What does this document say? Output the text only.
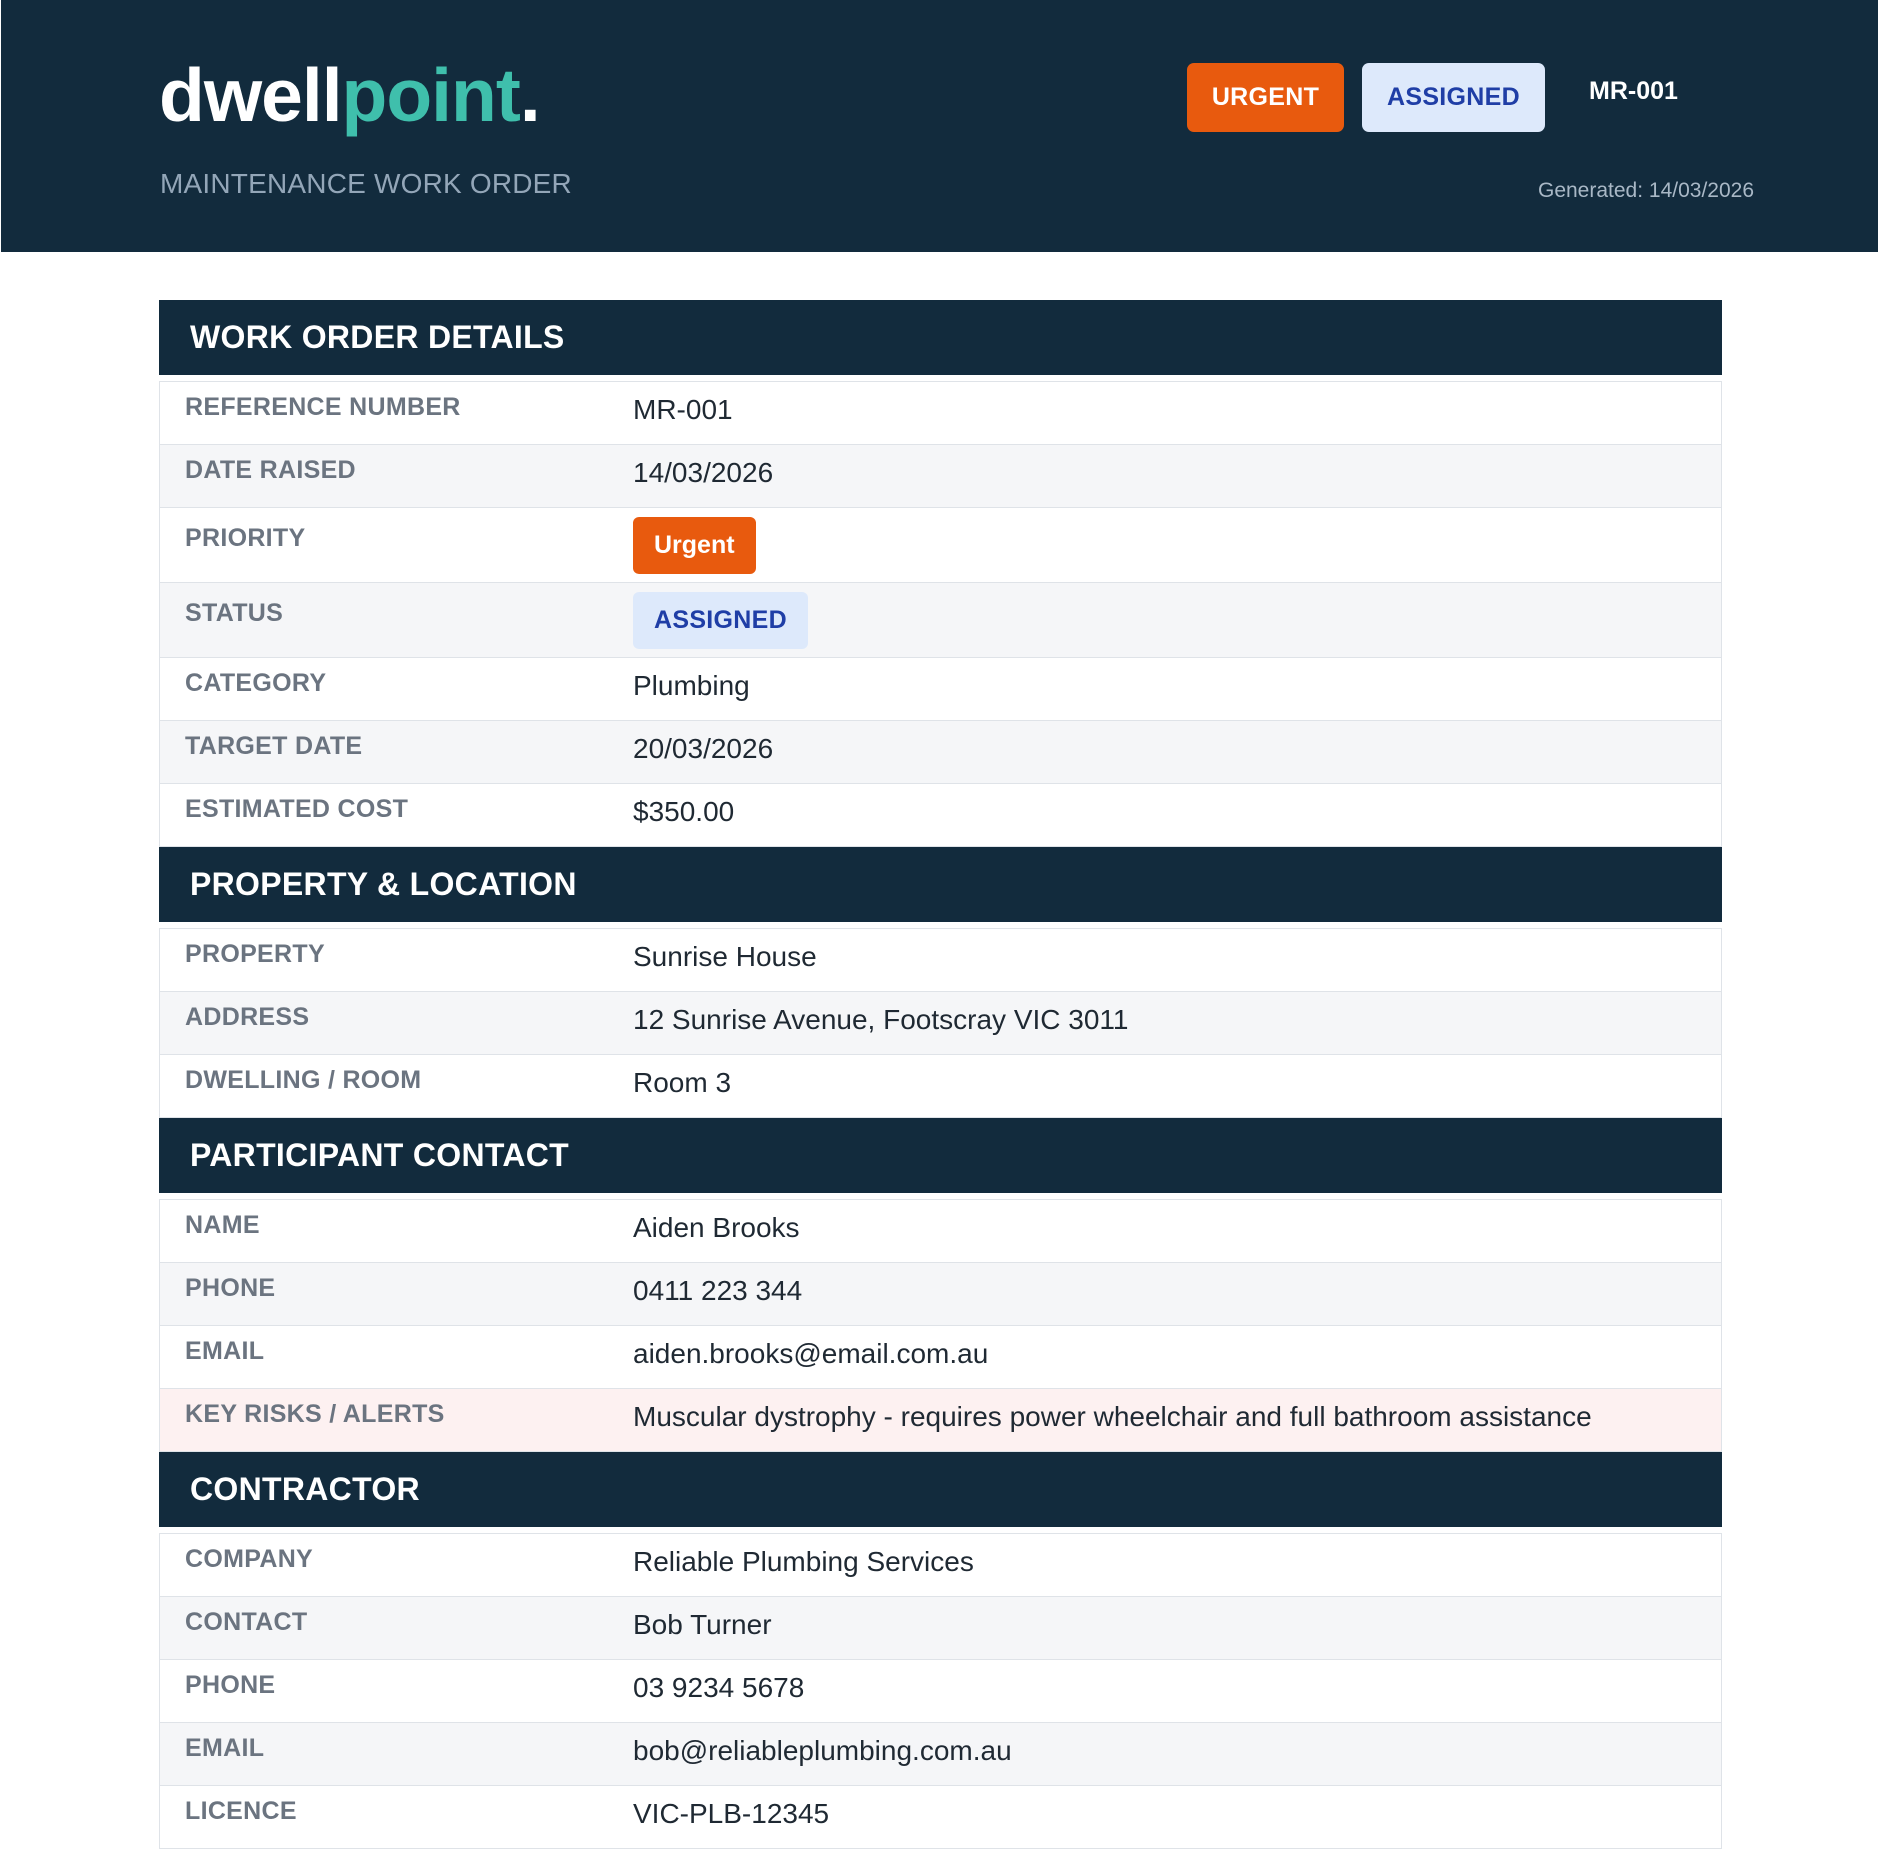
dwellpoint.
MAINTENANCE WORK ORDER
URGENT	ASSIGNED	MR-001
Generated: 14/03/2026
WORK ORDER DETAILS
REFERENCE NUMBER	MR-001
DATE RAISED	14/03/2026
PRIORITY	Urgent
STATUS	ASSIGNED
CATEGORY	Plumbing
TARGET DATE	20/03/2026
ESTIMATED COST	$350.00
PROPERTY & LOCATION
PROPERTY	Sunrise House
ADDRESS	12 Sunrise Avenue, Footscray VIC 3011
DWELLING / ROOM	Room 3
PARTICIPANT CONTACT
NAME	Aiden Brooks
PHONE	0411 223 344
EMAIL	aiden.brooks@email.com.au
KEY RISKS / ALERTS	Muscular dystrophy - requires power wheelchair and full bathroom assistance
CONTRACTOR
COMPANY	Reliable Plumbing Services
CONTACT	Bob Turner
PHONE	03 9234 5678
EMAIL	bob@reliableplumbing.com.au
LICENCE	VIC-PLB-12345
